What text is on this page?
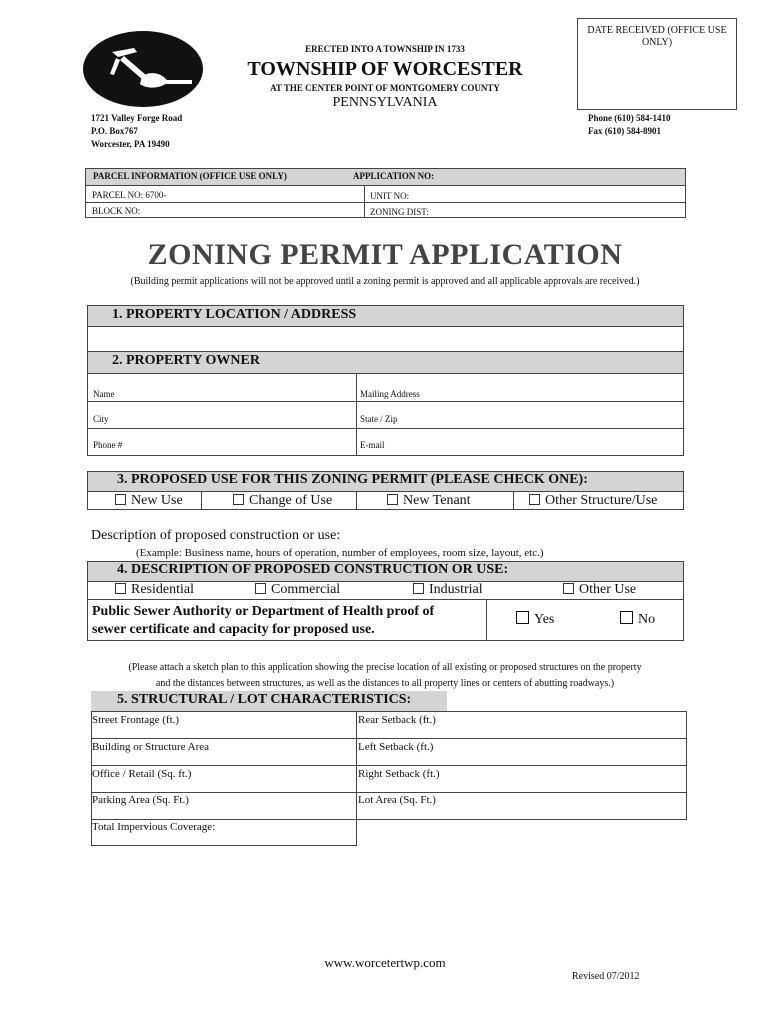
ERECTED INTO A TOWNSHIP IN 1733
TOWNSHIP OF WORCESTER
AT THE CENTER POINT OF MONTGOMERY COUNTY
PENNSYLVANIA
DATE RECEIVED (OFFICE USE ONLY)
1721 Valley Forge Road
P.O. Box767
Worcester, PA 19490
Phone (610) 584-1410
Fax (610) 584-8901
PARCEL INFORMATION (OFFICE USE ONLY)	APPLICATION NO:
PARCEL NO: 6700-	UNIT NO:
BLOCK NO:	ZONING DIST:
ZONING PERMIT APPLICATION
(Building permit applications will not be approved until a zoning permit is approved and all applicable approvals are received.)
1. PROPERTY LOCATION / ADDRESS
2. PROPERTY OWNER
Name	Mailing Address
City	State / Zip
Phone #	E-mail
3. PROPOSED USE FOR THIS ZONING PERMIT (PLEASE CHECK ONE):
New Use	Change of Use	New Tenant	Other Structure/Use
Description of proposed construction or use:
(Example: Business name, hours of operation, number of employees, room size, layout, etc.)
4. DESCRIPTION OF PROPOSED CONSTRUCTION OR USE:
Residential	Commercial	Industrial	Other Use
Public Sewer Authority or Department of Health proof of
sewer certificate and capacity for proposed use.
Yes	No
(Please attach a sketch plan to this application showing the precise location of all existing or proposed structures on the property
and the distances between structures, as well as the distances to all property lines or centers of abutting roadways.)
5. STRUCTURAL / LOT CHARACTERISTICS:
Street Frontage (ft.)	Rear Setback (ft.)
Building or Structure Area	Left Setback (ft.)
Office / Retail (Sq. ft.)	Right Setback (ft.)
Parking Area (Sq. Ft.)	Lot Area (Sq. Ft.)
Total Impervious Coverage:
www.worcetertwp.com
Revised 07/2012
